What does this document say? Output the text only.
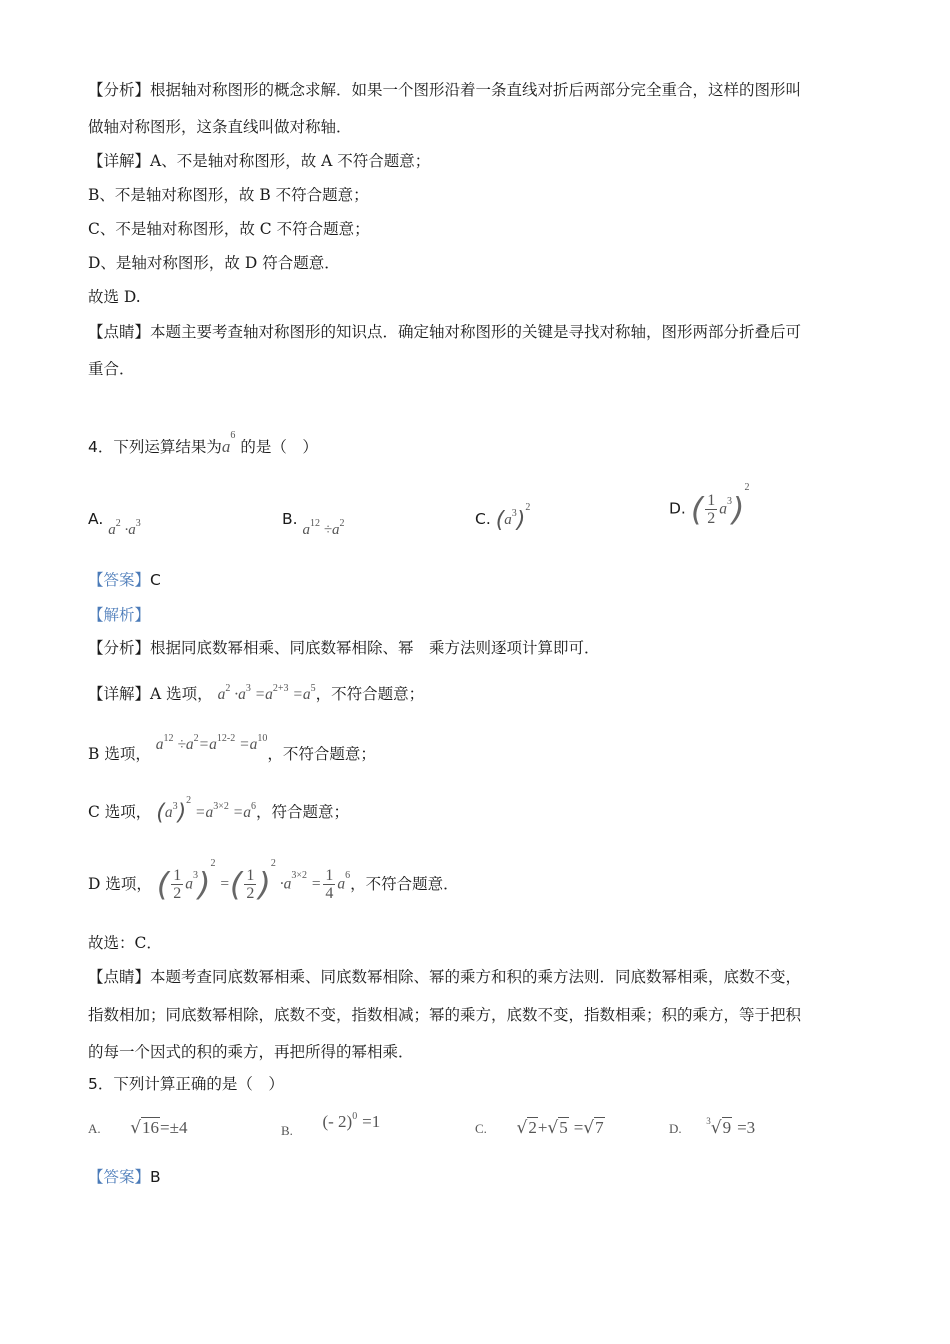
【分析】根据轴对称图形的概念求解．如果一个图形沿着一条直线对折后两部分完全重合，这样的图形叫
做轴对称图形，这条直线叫做对称轴．
【详解】A、不是轴对称图形，故 A 不符合题意；
B、不是轴对称图形，故 B 不符合题意；
C、不是轴对称图形，故 C 不符合题意；
D、是轴对称图形，故 D 符合题意．
故选 D.
【点睛】本题主要考查轴对称图形的知识点．确定轴对称图形的关键是寻找对称轴，图形两部分折叠后可
重合．
4．下列运算结果为$a^6$ 的是（　）
A. $a^2 \cdot a^3$	B. $a^{12} \div a^2$	C. $(a^3)^2$	D. ( $\frac{1}{2} a^3)^2$
【答案】C
【解析】
【分析】根据同底数幂相乘、同底数幂相除、幂　乘方法则逐项计算即可．
【详解】A 选项， $a^2 \cdot a^3 =a^{2+3} =a^5$，不符合题意；
B 选项， $a^{12} \div a^2=a^{12-2} =a^{10}$，不符合题意；
C 选项， $(a^3)^2 =a^{3\times 2} =a^6$，符合题意；
D 选项， ( $\frac{1}{2} a^3)^2$ =( $\frac{1}{2} )^2 \cdot a^{3\times 2} = \frac{1}{4} a^6$，不符合题意．
故选：C．
【点睛】本题考查同底数幂相乘、同底数幂相除、幂的乘方和积的乘方法则．同底数幂相乘，底数不变，
指数相加；同底数幂相除，底数不变，指数相减；幂的乘方，底数不变，指数相乘；积的乘方，等于把积
的每一个因式的积的乘方，再把所得的幂相乘．
5．下列计算正确的是（　）
A. √16=±4	$_{B.}$ (- 2)$^0$ =1	C. √2+√5 =√7	D.	$^3$√9 =3
【答案】B
